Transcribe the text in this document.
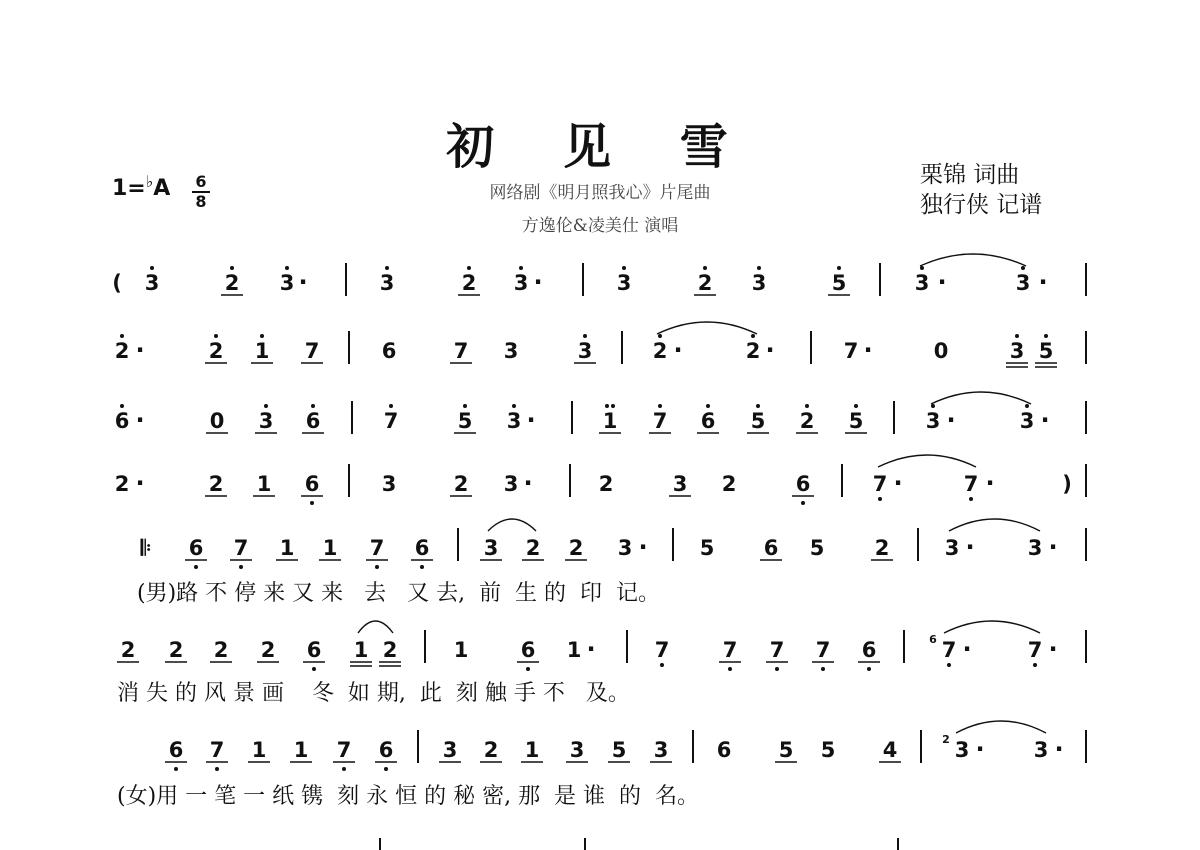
初 见 雪
网络剧《明月照我心》片尾曲
方逸伦&凌美仕 演唱
栗锦 词曲
独行侠 记谱
1=♭A 6
8
( 3	2 3 ·	3	2 3 ·	3	2 3	5	3 ·	3 ·
2 ·	2 1 7	6	7 3	3	2 ·	2 ·	7 ·	0	3 5
6 ·	0 3 6	7	5 3 ·	1 7 6 5 2 5	3 ·	3 ·
2 ·	2 1 6	3	2 3 ·	2	3 2	6	7 ·	7 ·	)
𝄆 6 7 1 1 7 6	3 2 2 3 · 5 6 5 2	3 ·	3 ·
2 2 2 2 6 1 2	1 6 1 ·	7	7 7 7 6	7 ·	7 ·
6
6 7 1 1 7 6 3 2 1 3 5 3 6 5 5 4	3 · 3 ·
2
(男)路 不 停 来 又 来   去   又 去,  前  生 的  印  记。
消 失 的 风 景 画    冬  如 期,  此  刻 触 手 不   及。
(女)用 一 笔 一 纸 镌  刻 永 恒 的 秘 密, 那  是 谁  的  名。
